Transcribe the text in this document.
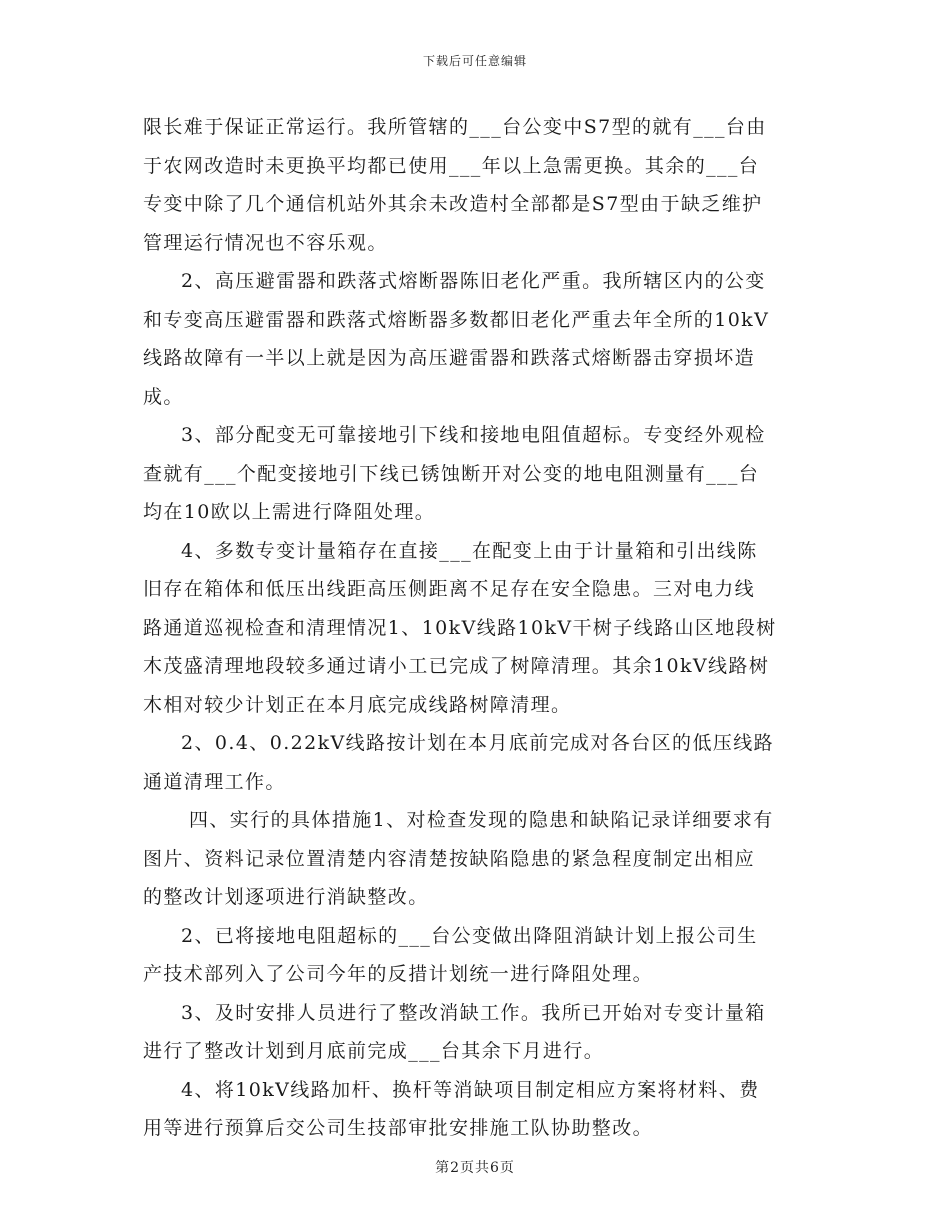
下载后可任意编辑
限长难于保证正常运行。我所管辖的___台公变中S7型的就有___台由
于农网改造时未更换平均都已使用___年以上急需更换。其余的___台
专变中除了几个通信机站外其余未改造村全部都是S7型由于缺乏维护
管理运行情况也不容乐观。
2、高压避雷器和跌落式熔断器陈旧老化严重。我所辖区内的公变
和专变高压避雷器和跌落式熔断器多数都旧老化严重去年全所的10kV
线路故障有一半以上就是因为高压避雷器和跌落式熔断器击穿损坏造
成。
3、部分配变无可靠接地引下线和接地电阻值超标。专变经外观检
查就有___个配变接地引下线已锈蚀断开对公变的地电阻测量有___台
均在10欧以上需进行降阻处理。
4、多数专变计量箱存在直接___在配变上由于计量箱和引出线陈
旧存在箱体和低压出线距高压侧距离不足存在安全隐患。三对电力线
路通道巡视检查和清理情况1、10kV线路10kV干树子线路山区地段树
木茂盛清理地段较多通过请小工已完成了树障清理。其余10kV线路树
木相对较少计划正在本月底完成线路树障清理。
2、0.4、0.22kV线路按计划在本月底前完成对各台区的低压线路
通道清理工作。
四、实行的具体措施1、对检查发现的隐患和缺陷记录详细要求有
图片、资料记录位置清楚内容清楚按缺陷隐患的紧急程度制定出相应
的整改计划逐项进行消缺整改。
2、已将接地电阻超标的___台公变做出降阻消缺计划上报公司生
产技术部列入了公司今年的反措计划统一进行降阻处理。
3、及时安排人员进行了整改消缺工作。我所已开始对专变计量箱
进行了整改计划到月底前完成___台其余下月进行。
4、将10kV线路加杆、换杆等消缺项目制定相应方案将材料、费
用等进行预算后交公司生技部审批安排施工队协助整改。
第2页共6页
